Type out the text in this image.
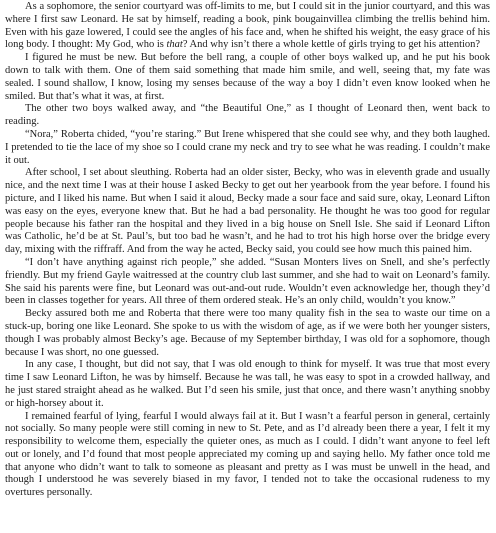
As a sophomore, the senior courtyard was off-limits to me, but I could sit in the junior courtyard, and this was where I first saw Leonard. He sat by himself, reading a book, pink bougainvillea climbing the trellis behind him. Even with his gaze lowered, I could see the angles of his face and, when he shifted his weight, the easy grace of his long body. I thought: My God, who is that? And why isn’t there a whole kettle of girls trying to get his attention?

I figured he must be new. But before the bell rang, a couple of other boys walked up, and he put his book down to talk with them. One of them said something that made him smile, and well, seeing that, my fate was sealed. I sound shallow, I know, losing my senses because of the way a boy I didn’t even know looked when he smiled. But that’s what it was, at first.

The other two boys walked away, and “the Beautiful One,” as I thought of Leonard then, went back to reading.

“Nora,” Roberta chided, “you’re staring.” But Irene whispered that she could see why, and they both laughed. I pretended to tie the lace of my shoe so I could crane my neck and try to see what he was reading. I couldn’t make it out.

After school, I set about sleuthing. Roberta had an older sister, Becky, who was in eleventh grade and usually nice, and the next time I was at their house I asked Becky to get out her yearbook from the year before. I found his picture, and I liked his name. But when I said it aloud, Becky made a sour face and said sure, okay, Leonard Lifton was easy on the eyes, everyone knew that. But he had a bad personality. He thought he was too good for regular people because his father ran the hospital and they lived in a big house on Snell Isle. She said if Leonard Lifton was Catholic, he’d be at St. Paul’s, but too bad he wasn’t, and he had to trot his high horse over the bridge every day, mixing with the riffraff. And from the way he acted, Becky said, you could see how much this pained him.

“I don’t have anything against rich people,” she added. “Susan Monters lives on Snell, and she’s perfectly friendly. But my friend Gayle waitressed at the country club last summer, and she had to wait on Leonard’s family. She said his parents were fine, but Leonard was out-and-out rude. Wouldn’t even acknowledge her, though they’d been in classes together for years. All three of them ordered steak. He’s an only child, wouldn’t you know.”

Becky assured both me and Roberta that there were too many quality fish in the sea to waste our time on a stuck-up, boring one like Leonard. She spoke to us with the wisdom of age, as if we were both her younger sisters, though I was probably almost Becky’s age. Because of my September birthday, I was old for a sophomore, though because I was short, no one guessed.

In any case, I thought, but did not say, that I was old enough to think for myself. It was true that most every time I saw Leonard Lifton, he was by himself. Because he was tall, he was easy to spot in a crowded hallway, and he just stared straight ahead as he walked. But I’d seen his smile, just that once, and there wasn’t anything snobby or high-horsey about it.

I remained fearful of lying, fearful I would always fail at it. But I wasn’t a fearful person in general, certainly not socially. So many people were still coming in new to St. Pete, and as I’d already been there a year, I felt it my responsibility to welcome them, especially the quieter ones, as much as I could. I didn’t want anyone to feel left out or lonely, and I’d found that most people appreciated my coming up and saying hello. My father once told me that anyone who didn’t want to talk to someone as pleasant and pretty as I was must be unwell in the head, and though I understood he was severely biased in my favor, I tended not to take the occasional rudeness to my overtures personally.
